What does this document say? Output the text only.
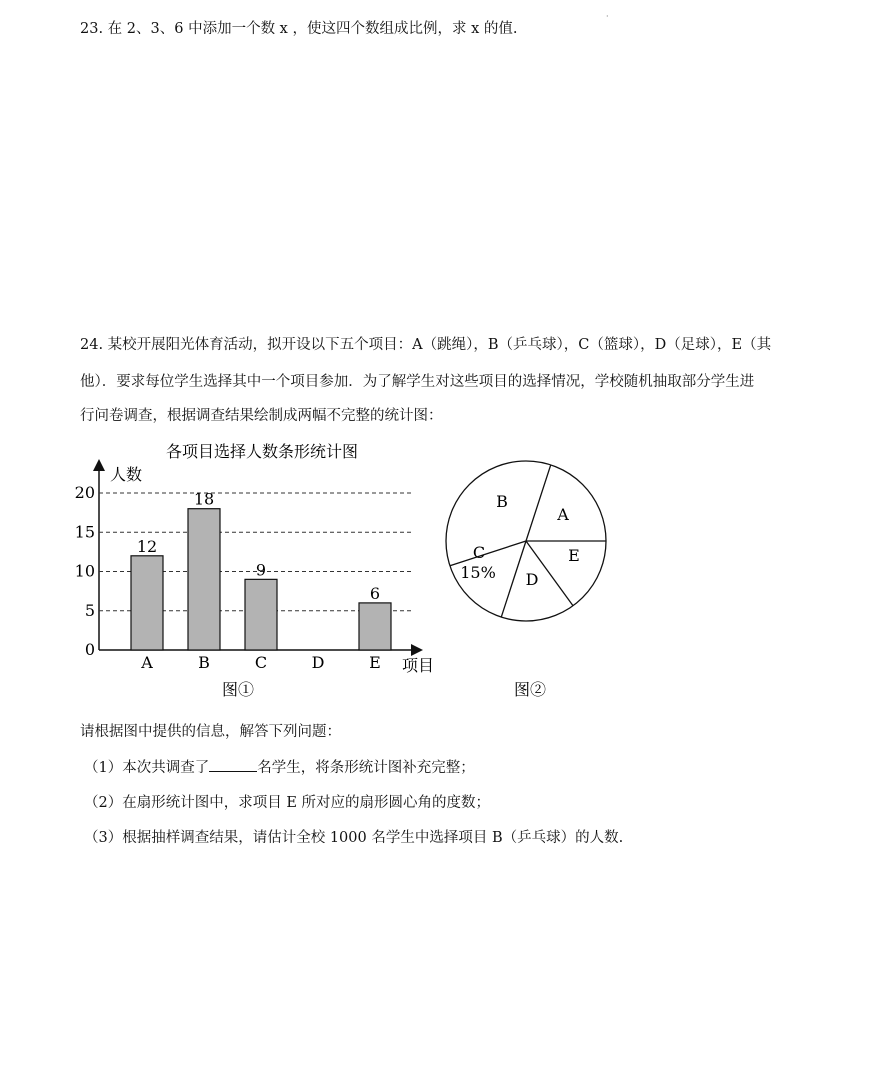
·
23. 在 2、3、6 中添加一个数 x ，使这四个数组成比例，求 x 的值.
24. 某校开展阳光体育活动，拟开设以下五个项目：A（跳绳），B（乒乓球），C（篮球），D（足球），E（其
他）．要求每位学生选择其中一个项目参加．为了解学生对这些项目的选择情况，学校随机抽取部分学生进
行问卷调查，根据调查结果绘制成两幅不完整的统计图：
各项目选择人数条形统计图
人数
项目
图①
0
5
10
15
20
12
A
18
B
9
C	D
6
E
A
B
C
D
E
15%
图②
请根据图中提供的信息，解答下列问题：
（1）本次共调查了	名学生，将条形统计图补充完整；
（2）在扇形统计图中，求项目 E 所对应的扇形圆心角的度数；
（3）根据抽样调查结果，请估计全校 1000 名学生中选择项目 B（乒乓球）的人数.
